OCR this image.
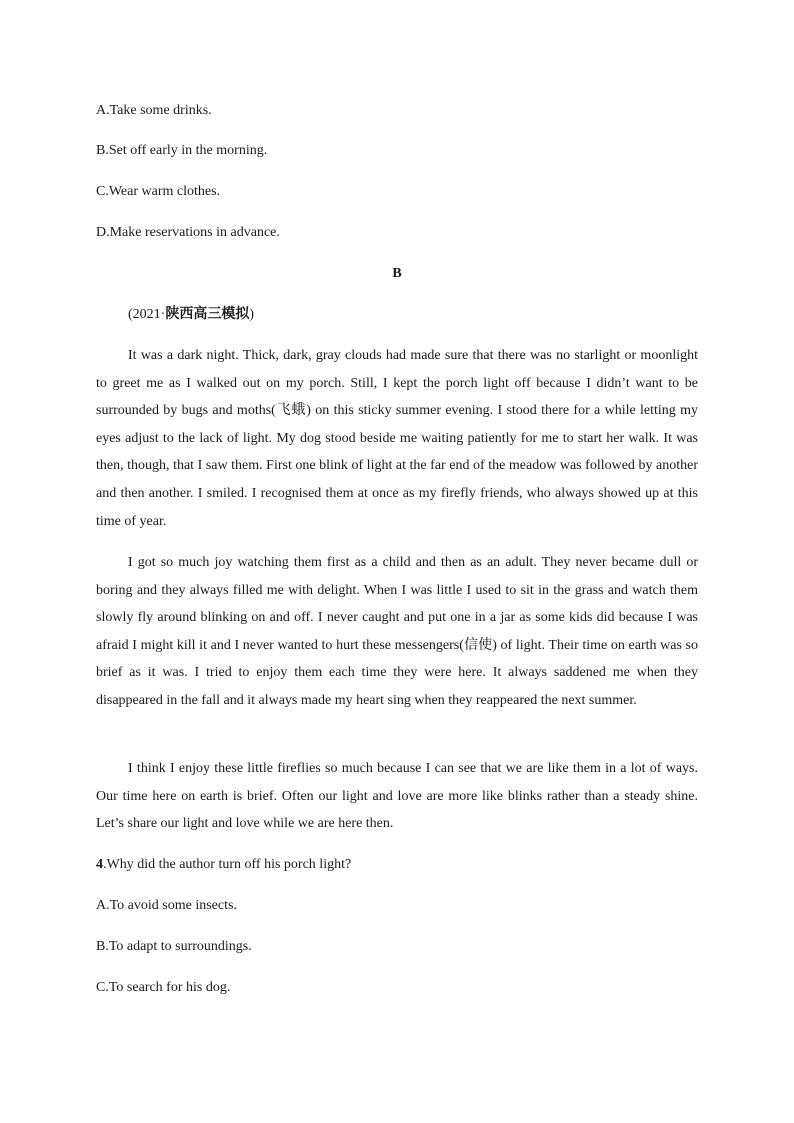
A.Take some drinks.
B.Set off early in the morning.
C.Wear warm clothes.
D.Make reservations in advance.
B
(2021·陕西高三模拟)
It was a dark night. Thick, dark, gray clouds had made sure that there was no starlight or moonlight to greet me as I walked out on my porch. Still, I kept the porch light off because I didn’t want to be surrounded by bugs and moths(飞蛾) on this sticky summer evening. I stood there for a while letting my eyes adjust to the lack of light. My dog stood beside me waiting patiently for me to start her walk. It was then, though, that I saw them. First one blink of light at the far end of the meadow was followed by another and then another. I smiled. I recognised them at once as my firefly friends, who always showed up at this time of year.
I got so much joy watching them first as a child and then as an adult. They never became dull or boring and they always filled me with delight. When I was little I used to sit in the grass and watch them slowly fly around blinking on and off. I never caught and put one in a jar as some kids did because I was afraid I might kill it and I never wanted to hurt these messengers(信使) of light. Their time on earth was so brief as it was. I tried to enjoy them each time they were here. It always saddened me when they disappeared in the fall and it always made my heart sing when they reappeared the next summer.
I think I enjoy these little fireflies so much because I can see that we are like them in a lot of ways. Our time here on earth is brief. Often our light and love are more like blinks rather than a steady shine. Let’s share our light and love while we are here then.
4.Why did the author turn off his porch light?
A.To avoid some insects.
B.To adapt to surroundings.
C.To search for his dog.
